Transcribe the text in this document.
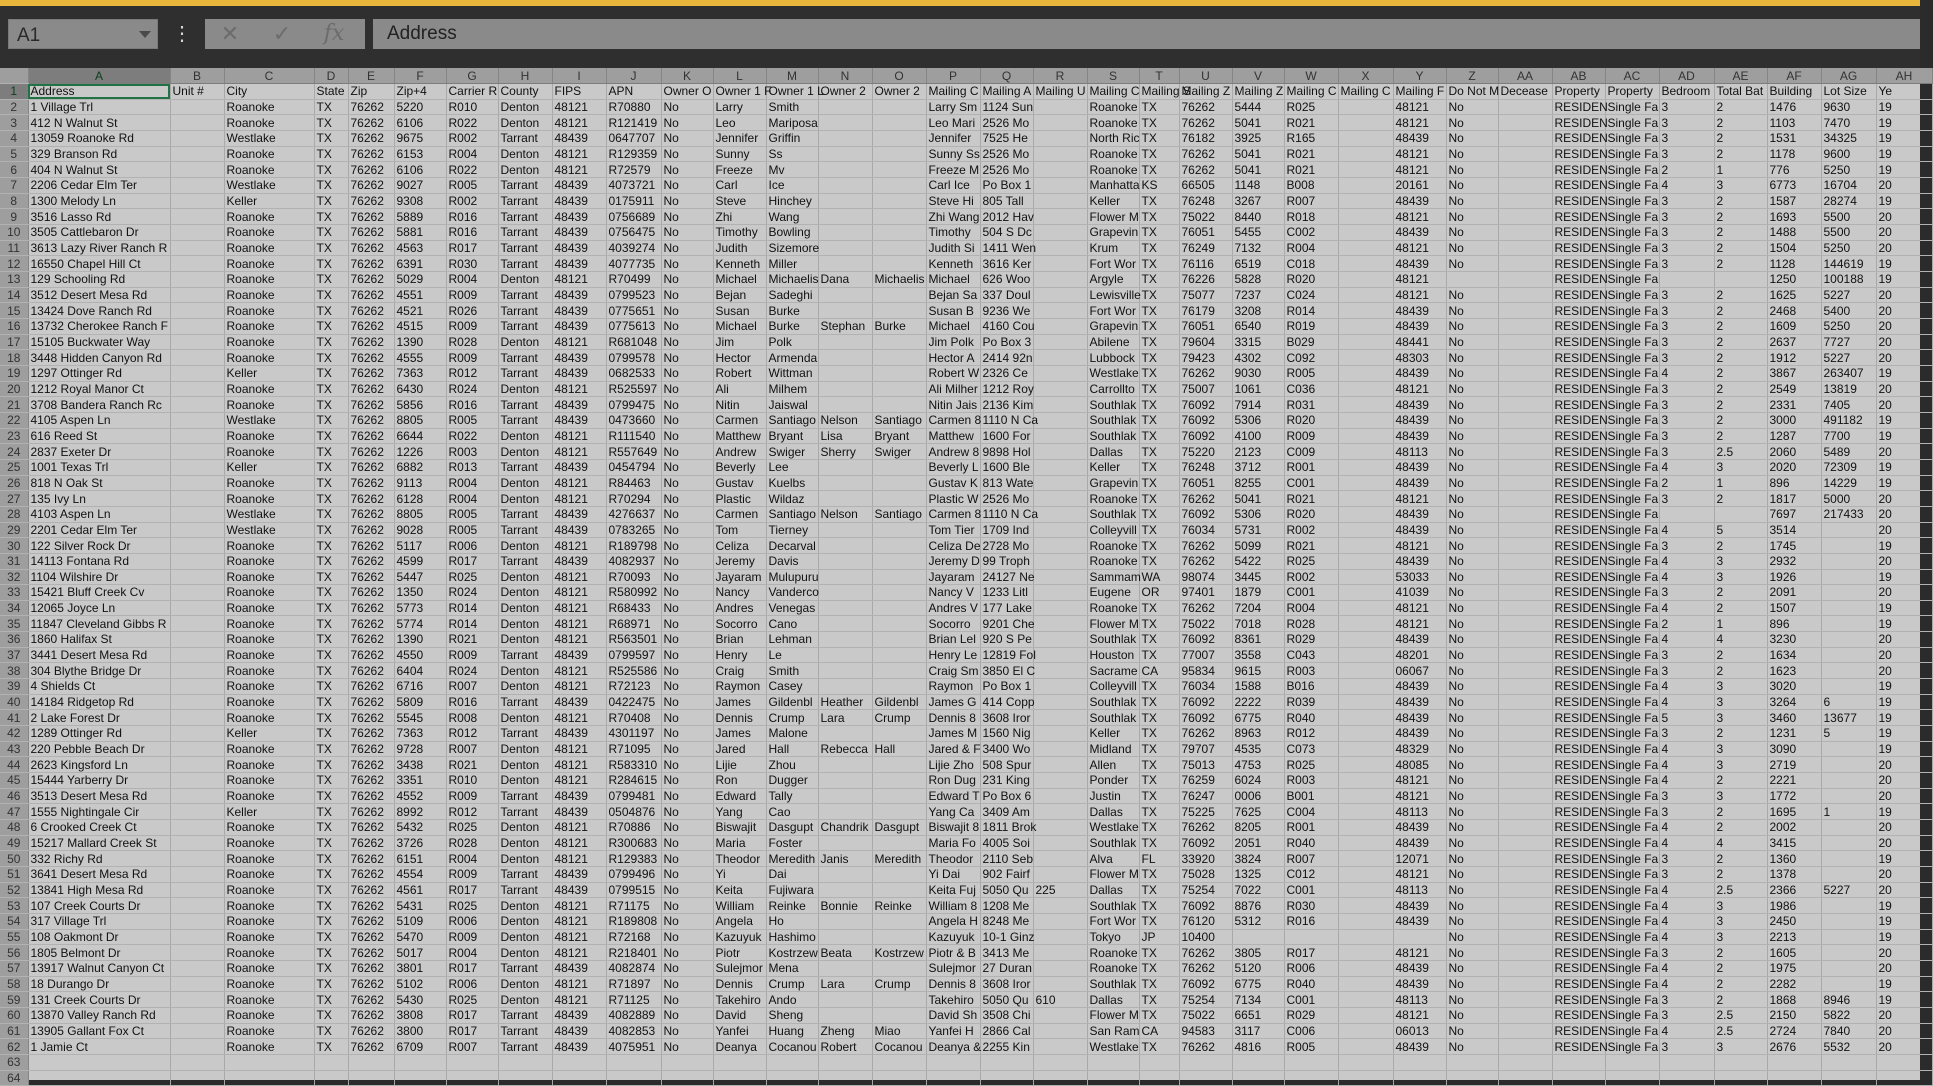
A1	⋮	✕	✓	fx	Address
	A	B	C	D	E	F	G	H	I	J	K	L	M	N	O	P	Q	R	S	T	U	V	W	X	Y	Z	AA	AB	AC	AD	AE	AF	AG	AH
1	Address	Unit #	City	State	Zip	Zip+4	Carrier R	County	FIPS	APN	Owner O	Owner 1 F	Owner 1 L	Owner 2	Owner 2	Mailing C	Mailing A	Mailing U	Mailing C	Mailing S	Mailing Z	Mailing Z	Mailing C	Mailing C	Mailing F	Do Not M	Decease	Property	Property	Bedroom	Total Bat	Building	Lot Size	Ye
2	1 Village Trl		Roanoke	TX	76262	5220	R010	Denton	48121	R70880	No	Larry	Smith			Larry Sm	1124 Sun		Roanoke	TX	76262	5444	R025		48121	No		RESIDEN	Single Fa	3	2	1476	9630	19
3	412 N Walnut St		Roanoke	TX	76262	6106	R022	Denton	48121	R121419	No	Leo	Mariposa			Leo Mari	2526 Mo		Roanoke	TX	76262	5041	R021		48121	No		RESIDEN	Single Fa	3	2	1103	7470	19
4	13059 Roanoke Rd		Westlake	TX	76262	9675	R002	Tarrant	48439	0647707	No	Jennifer	Griffin			Jennifer	7525 He		North Ric	TX	76182	3925	R165		48439	No		RESIDEN	Single Fa	3	2	1531	34325	19
5	329 Branson Rd		Roanoke	TX	76262	6153	R004	Denton	48121	R129359	No	Sunny	Ss			Sunny Ss	2526 Mo		Roanoke	TX	76262	5041	R021		48121	No		RESIDEN	Single Fa	3	2	1178	9600	19
6	404 N Walnut St		Roanoke	TX	76262	6106	R022	Denton	48121	R72579	No	Freeze	Mv			Freeze M	2526 Mo		Roanoke	TX	76262	5041	R021		48121	No		RESIDEN	Single Fa	2	1	776	5250	19
7	2206 Cedar Elm Ter		Westlake	TX	76262	9027	R005	Tarrant	48439	4073721	No	Carl	Ice			Carl Ice	Po Box 1		Manhatta	KS	66505	1148	B008		20161	No		RESIDEN	Single Fa	4	3	6773	16704	20
8	1300 Melody Ln		Keller	TX	76262	9308	R002	Tarrant	48439	0175911	No	Steve	Hinchey			Steve Hi	805 Tall		Keller	TX	76248	3267	R007		48439	No		RESIDEN	Single Fa	3	2	1587	28274	19
9	3516 Lasso Rd		Roanoke	TX	76262	5889	R016	Tarrant	48439	0756689	No	Zhi	Wang			Zhi Wang	2012 Hav		Flower M	TX	75022	8440	R018		48121	No		RESIDEN	Single Fa	3	2	1693	5500	20
10	3505 Cattlebaron Dr		Roanoke	TX	76262	5881	R016	Tarrant	48439	0756475	No	Timothy	Bowling			Timothy	504 S Dc		Grapevin	TX	76051	5455	C002		48439	No		RESIDEN	Single Fa	3	2	1488	5500	20
11	3613 Lazy River Ranch R		Roanoke	TX	76262	4563	R017	Tarrant	48439	4039274	No	Judith	Sizemore			Judith Si	1411 Wen		Krum	TX	76249	7132	R004		48121	No		RESIDEN	Single Fa	3	2	1504	5250	20
12	16550 Chapel Hill Ct		Roanoke	TX	76262	6391	R030	Tarrant	48439	4077735	No	Kenneth	Miller			Kenneth	3616 Ker		Fort Wor	TX	76116	6519	C018		48439	No		RESIDEN	Single Fa	3	2	1128	144619	19
13	129 Schooling Rd		Roanoke	TX	76262	5029	R004	Denton	48121	R70499	No	Michael	Michaelis	Dana	Michaelis	Michael	626 Woo		Argyle	TX	76226	5828	R020		48121			RESIDEN	Single Fa			1250	100188	19
14	3512 Desert Mesa Rd		Roanoke	TX	76262	4551	R009	Tarrant	48439	0799523	No	Bejan	Sadeghi			Bejan Sa	337 Doul		Lewisville	TX	75077	7237	C024		48121	No		RESIDEN	Single Fa	3	2	1625	5227	20
15	13424 Dove Ranch Rd		Roanoke	TX	76262	4521	R026	Tarrant	48439	0775651	No	Susan	Burke			Susan B	9236 We		Fort Wor	TX	76179	3208	R014		48439	No		RESIDEN	Single Fa	3	2	2468	5400	20
16	13732 Cherokee Ranch F		Roanoke	TX	76262	4515	R009	Tarrant	48439	0775613	No	Michael	Burke	Stephan	Burke	Michael	4160 Cou		Grapevin	TX	76051	6540	R019		48439	No		RESIDEN	Single Fa	3	2	1609	5250	20
17	15105 Buckwater Way		Roanoke	TX	76262	1390	R028	Denton	48121	R681048	No	Jim	Polk			Jim Polk	Po Box 3		Abilene	TX	79604	3315	B029		48441	No		RESIDEN	Single Fa	3	2	2637	7727	20
18	3448 Hidden Canyon Rd		Roanoke	TX	76262	4555	R009	Tarrant	48439	0799578	No	Hector	Armenda			Hector A	2414 92n		Lubbock	TX	79423	4302	C092		48303	No		RESIDEN	Single Fa	3	2	1912	5227	20
19	1297 Ottinger Rd		Keller	TX	76262	7363	R012	Tarrant	48439	0682533	No	Robert	Wittman			Robert W	2326 Ce		Westlake	TX	76262	9030	R005		48439	No		RESIDEN	Single Fa	4	2	3867	263407	19
20	1212 Royal Manor Ct		Roanoke	TX	76262	6430	R024	Denton	48121	R525597	No	Ali	Milhem			Ali Milher	1212 Roy		Carrollto	TX	75007	1061	C036		48121	No		RESIDEN	Single Fa	3	2	2549	13819	20
21	3708 Bandera Ranch Rc		Roanoke	TX	76262	5856	R016	Tarrant	48439	0799475	No	Nitin	Jaiswal			Nitin Jais	2136 Kim		Southlak	TX	76092	7914	R031		48439	No		RESIDEN	Single Fa	3	2	2331	7405	20
22	4105 Aspen Ln		Westlake	TX	76262	8805	R005	Tarrant	48439	0473660	No	Carmen	Santiago	Nelson	Santiago	Carmen 8	1110 N Ca		Southlak	TX	76092	5306	R020		48439	No		RESIDEN	Single Fa	3	2	3000	491182	19
23	616 Reed St		Roanoke	TX	76262	6644	R022	Denton	48121	R111540	No	Matthew	Bryant	Lisa	Bryant	Matthew	1600 For		Southlak	TX	76092	4100	R009		48439	No		RESIDEN	Single Fa	3	2	1287	7700	19
24	2837 Exeter Dr		Roanoke	TX	76262	1226	R003	Denton	48121	R557649	No	Andrew	Swiger	Sherry	Swiger	Andrew 8	9898 Hol		Dallas	TX	75220	2123	C009		48113	No		RESIDEN	Single Fa	3	2.5	2060	5489	20
25	1001 Texas Trl		Keller	TX	76262	6882	R013	Tarrant	48439	0454794	No	Beverly	Lee			Beverly L	1600 Ble		Keller	TX	76248	3712	R001		48439	No		RESIDEN	Single Fa	4	3	2020	72309	19
26	818 N Oak St		Roanoke	TX	76262	9113	R004	Denton	48121	R84463	No	Gustav	Kuelbs			Gustav K	813 Wate		Grapevin	TX	76051	8255	C001		48439	No		RESIDEN	Single Fa	2	1	896	14229	19
27	135 Ivy Ln		Roanoke	TX	76262	6128	R004	Denton	48121	R70294	No	Plastic	Wildaz			Plastic W	2526 Mo		Roanoke	TX	76262	5041	R021		48121	No		RESIDEN	Single Fa	3	2	1817	5000	20
28	4103 Aspen Ln		Westlake	TX	76262	8805	R005	Tarrant	48439	4276637	No	Carmen	Santiago	Nelson	Santiago	Carmen 8	1110 N Ca		Southlak	TX	76092	5306	R020		48439	No		RESIDEN	Single Fa			7697	217433	20
29	2201 Cedar Elm Ter		Westlake	TX	76262	9028	R005	Tarrant	48439	0783265	No	Tom	Tierney			Tom Tier	1709 Ind		Colleyvill	TX	76034	5731	R002		48439	No		RESIDEN	Single Fa	4	5	3514		20
30	122 Silver Rock Dr		Roanoke	TX	76262	5117	R006	Denton	48121	R189798	No	Celiza	Decarval			Celiza De	2728 Mo		Roanoke	TX	76262	5099	R021		48121	No		RESIDEN	Single Fa	3	2	1745		19
31	14113 Fontana Rd		Roanoke	TX	76262	4599	R017	Tarrant	48439	4082937	No	Jeremy	Davis			Jeremy D	99 Troph		Roanoke	TX	76262	5422	R025		48439	No		RESIDEN	Single Fa	4	3	2932		20
32	1104 Wilshire Dr		Roanoke	TX	76262	5447	R025	Denton	48121	R70093	No	Jayaram	Mulupuru			Jayaram	24127 Ne		Sammam	WA	98074	3445	R002		53033	No		RESIDEN	Single Fa	4	3	1926		19
33	15421 Bluff Creek Cv		Roanoke	TX	76262	1350	R024	Denton	48121	R580992	No	Nancy	Vanderco			Nancy V	1233 Litl		Eugene	OR	97401	1879	C001		41039	No		RESIDEN	Single Fa	3	2	2091		20
34	12065 Joyce Ln		Roanoke	TX	76262	5773	R014	Denton	48121	R68433	No	Andres	Venegas			Andres V	177 Lake		Roanoke	TX	76262	7204	R004		48121	No		RESIDEN	Single Fa	4	2	1507		19
35	11847 Cleveland Gibbs R		Roanoke	TX	76262	5774	R014	Denton	48121	R68971	No	Socorro	Cano			Socorro	9201 Che		Flower M	TX	75022	7018	R028		48121	No		RESIDEN	Single Fa	2	1	896		19
36	1860 Halifax St		Roanoke	TX	76262	1390	R021	Denton	48121	R563501	No	Brian	Lehman			Brian Lel	920 S Pe		Southlak	TX	76092	8361	R029		48439	No		RESIDEN	Single Fa	4	4	3230		20
37	3441 Desert Mesa Rd		Roanoke	TX	76262	4550	R009	Tarrant	48439	0799597	No	Henry	Le			Henry Le	12819 Fol		Houston	TX	77007	3558	C043		48201	No		RESIDEN	Single Fa	3	2	1634		20
38	304 Blythe Bridge Dr		Roanoke	TX	76262	6404	R024	Denton	48121	R525586	No	Craig	Smith			Craig Sm	3850 El C		Sacrame	CA	95834	9615	R003		06067	No		RESIDEN	Single Fa	3	2	1623		20
39	4 Shields Ct		Roanoke	TX	76262	6716	R007	Denton	48121	R72123	No	Raymon	Casey			Raymon	Po Box 1		Colleyvill	TX	76034	1588	B016		48439	No		RESIDEN	Single Fa	4	3	3020		19
40	14184 Ridgetop Rd		Roanoke	TX	76262	5809	R016	Tarrant	48439	0422475	No	James	Gildenbl	Heather	Gildenbl	James G	414 Copp		Southlak	TX	76092	2222	R039		48439	No		RESIDEN	Single Fa	4	3	3264	6	19
41	2 Lake Forest Dr		Roanoke	TX	76262	5545	R008	Denton	48121	R70408	No	Dennis	Crump	Lara	Crump	Dennis 8	3608 Iror		Southlak	TX	76092	6775	R040		48439	No		RESIDEN	Single Fa	5	3	3460	13677	19
42	1289 Ottinger Rd		Keller	TX	76262	7363	R012	Tarrant	48439	4301197	No	James	Malone			James M	1560 Nig		Keller	TX	76262	8963	R012		48439	No		RESIDEN	Single Fa	3	2	1231	5	19
43	220 Pebble Beach Dr		Roanoke	TX	76262	9728	R007	Denton	48121	R71095	No	Jared	Hall	Rebecca	Hall	Jared & F	3400 Wo		Midland	TX	79707	4535	C073		48329	No		RESIDEN	Single Fa	4	3	3090		19
44	2623 Kingsford Ln		Roanoke	TX	76262	3438	R021	Denton	48121	R583310	No	Lijie	Zhou			Lijie Zho	508 Spur		Allen	TX	75013	4753	R025		48085	No		RESIDEN	Single Fa	4	3	2719		20
45	15444 Yarberry Dr		Roanoke	TX	76262	3351	R010	Denton	48121	R284615	No	Ron	Dugger			Ron Dug	231 King		Ponder	TX	76259	6024	R003		48121	No		RESIDEN	Single Fa	4	2	2221		20
46	3513 Desert Mesa Rd		Roanoke	TX	76262	4552	R009	Tarrant	48439	0799481	No	Edward	Tally			Edward T	Po Box 6		Justin	TX	76247	0006	B001		48121	No		RESIDEN	Single Fa	3	3	1772		20
47	1555 Nightingale Cir		Keller	TX	76262	8992	R012	Tarrant	48439	0504876	No	Yang	Cao			Yang Ca	3409 Am		Dallas	TX	75225	7625	C004		48113	No		RESIDEN	Single Fa	3	2	1695	1	19
48	6 Crooked Creek Ct		Roanoke	TX	76262	5432	R025	Denton	48121	R70886	No	Biswajit	Dasgupt	Chandrik	Dasgupt	Biswajit 8	1811 Brok		Westlake	TX	76262	8205	R001		48439	No		RESIDEN	Single Fa	4	2	2002		20
49	15217 Mallard Creek St		Roanoke	TX	76262	3726	R028	Denton	48121	R300683	No	Maria	Foster			Maria Fo	4005 Soi		Southlak	TX	76092	2051	R040		48439	No		RESIDEN	Single Fa	4	4	3415		20
50	332 Richy Rd		Roanoke	TX	76262	6151	R004	Denton	48121	R129383	No	Theodor	Meredith	Janis	Meredith	Theodor	2110 Seb		Alva	FL	33920	3824	R007		12071	No		RESIDEN	Single Fa	3	2	1360		19
51	3641 Desert Mesa Rd		Roanoke	TX	76262	4554	R009	Tarrant	48439	0799496	No	Yi	Dai			Yi Dai	902 Fairf		Flower M	TX	75028	1325	C012		48121	No		RESIDEN	Single Fa	3	2	1378		20
52	13841 High Mesa Rd		Roanoke	TX	76262	4561	R017	Tarrant	48439	0799515	No	Keita	Fujiwara			Keita Fuj	5050 Qu	225	Dallas	TX	75254	7022	C001		48113	No		RESIDEN	Single Fa	4	2.5	2366	5227	20
53	107 Creek Courts Dr		Roanoke	TX	76262	5431	R025	Denton	48121	R71175	No	William	Reinke	Bonnie	Reinke	William 8	1208 Me		Southlak	TX	76092	8876	R030		48439	No		RESIDEN	Single Fa	4	3	1986		19
54	317 Village Trl		Roanoke	TX	76262	5109	R006	Denton	48121	R189808	No	Angela	Ho			Angela H	8248 Me		Fort Wor	TX	76120	5312	R016		48439	No		RESIDEN	Single Fa	4	3	2450		19
55	108 Oakmont Dr		Roanoke	TX	76262	5470	R009	Denton	48121	R72168	No	Kazuyuk	Hashimo			Kazuyuk	10-1 Ginz		Tokyo	JP	10400					No		RESIDEN	Single Fa	4	3	2213		19
56	1805 Belmont Dr		Roanoke	TX	76262	5017	R004	Denton	48121	R218401	No	Piotr	Kostrzew	Beata	Kostrzew	Piotr & B	3413 Me		Roanoke	TX	76262	3805	R017		48121	No		RESIDEN	Single Fa	3	2	1605		20
57	13917 Walnut Canyon Ct		Roanoke	TX	76262	3801	R017	Tarrant	48439	4082874	No	Sulejmor	Mena			Sulejmor	27 Duran		Roanoke	TX	76262	5120	R006		48439	No		RESIDEN	Single Fa	4	2	1975		20
58	18 Durango Dr		Roanoke	TX	76262	5102	R006	Denton	48121	R71897	No	Dennis	Crump	Lara	Crump	Dennis 8	3608 Iror		Southlak	TX	76092	6775	R040		48439	No		RESIDEN	Single Fa	4	2	2282		19
59	131 Creek Courts Dr		Roanoke	TX	76262	5430	R025	Denton	48121	R71125	No	Takehiro	Ando			Takehiro	5050 Qu	610	Dallas	TX	75254	7134	C001		48113	No		RESIDEN	Single Fa	3	2	1868	8946	19
60	13870 Valley Ranch Rd		Roanoke	TX	76262	3808	R017	Tarrant	48439	4082889	No	David	Sheng			David Sh	3508 Chi		Flower M	TX	75022	6651	R029		48121	No		RESIDEN	Single Fa	3	2.5	2150	5822	20
61	13905 Gallant Fox Ct		Roanoke	TX	76262	3800	R017	Tarrant	48439	4082853	No	Yanfei	Huang	Zheng	Miao	Yanfei H	2866 Cal		San Ram	CA	94583	3117	C006		06013	No		RESIDEN	Single Fa	4	2.5	2724	7840	20
62	1 Jamie Ct		Roanoke	TX	76262	6709	R007	Tarrant	48439	4075951	No	Deanya	Cocanou	Robert	Cocanou	Deanya &	2255 Kin		Westlake	TX	76262	4816	R005		48439	No		RESIDEN	Single Fa	3	3	2676	5532	20
63																																		
64																																		
